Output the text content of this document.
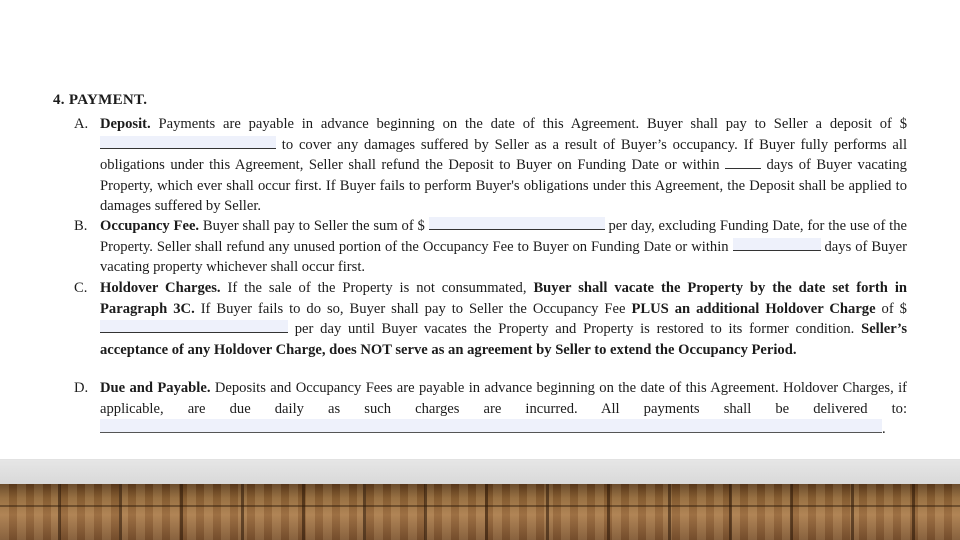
4. PAYMENT.
A. Deposit. Payments are payable in advance beginning on the date of this Agreement. Buyer shall pay to Seller a deposit of $ to cover any damages suffered by Seller as a result of Buyer’s occupancy. If Buyer fully performs all obligations under this Agreement, Seller shall refund the Deposit to Buyer on Funding Date or within  days of Buyer vacating Property, which ever shall occur first. If Buyer fails to perform Buyer's obligations under this Agreement, the Deposit shall be applied to damages suffered by Seller.
B. Occupancy Fee. Buyer shall pay to Seller the sum of $	per day, excluding Funding Date, for the use of the Property. Seller shall refund any unused portion of the Occupancy Fee to Buyer on Funding Date or within	days of Buyer vacating property whichever shall occur first.
C. Holdover Charges. If the sale of the Property is not consummated, Buyer shall vacate the Property by the date set forth in Paragraph 3C. If Buyer fails to do so, Buyer shall pay to Seller the Occupancy Fee PLUS an additional Holdover Charge of $  per day until Buyer vacates the Property and Property is restored to its former condition. Seller’s acceptance of any Holdover Charge, does NOT serve as an agreement by Seller to extend the Occupancy Period.
D. Due and Payable. Deposits and Occupancy Fees are payable in advance beginning on the date of this Agreement. Holdover Charges, if applicable, are due daily as such charges are incurred. All payments shall be delivered to: .
